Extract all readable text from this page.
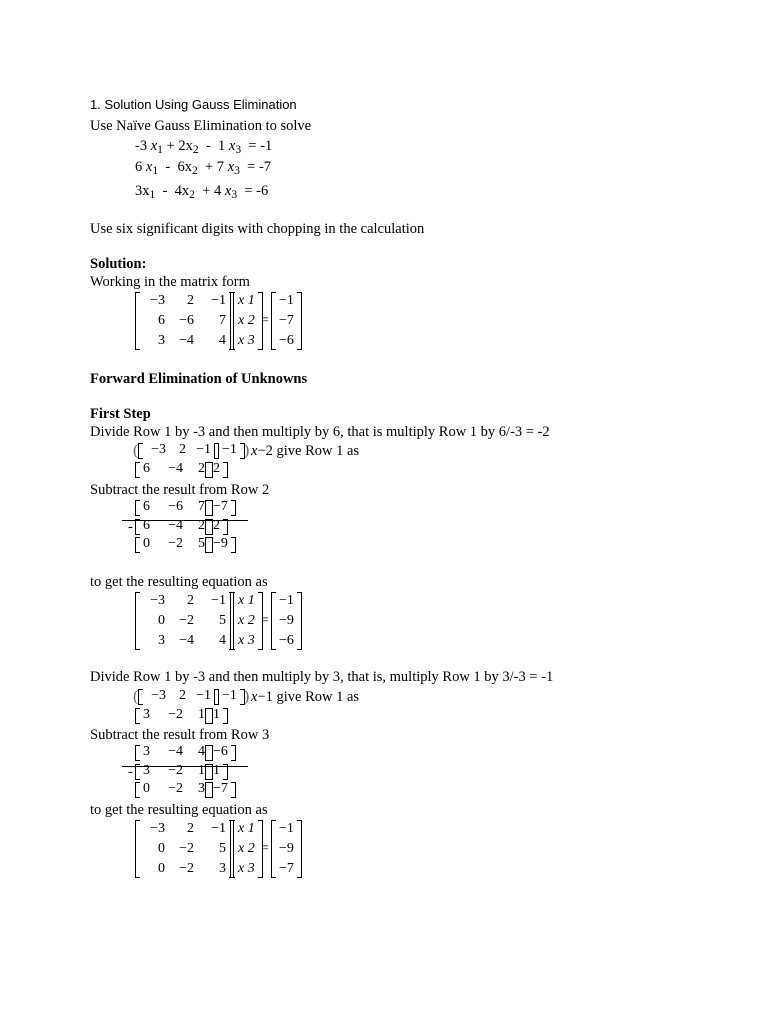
1. Solution Using Gauss Elimination
Use Naïve Gauss Elimination to solve
-3 $x_1 + 2x_2 - 1$ $x_3 = -1$
6 $x_1 - 6x_2 + 7$ $x_3 = -7$
$3x_1 - 4x_2 + 4$ $x_3 = -6$
Use six significant digits with chopping in the calculation
Solution:
Working in the matrix form
−3	2	−1
6	−6	7
3	−4	4
x 1
x 2
x 3
=
−1
−7
−6
Forward Elimination of Unknowns
First Step
Divide Row 1 by -3 and then multiply by 6, that is multiply Row 1 by 6/-3 = -2
( −3 2 −1 −1 ) x−2 give Row 1 as
6	−4	2 2
Subtract the result from Row 2
6	−6	7 −7
- 6	−4	2 2
0	−2	5 −9
to get the resulting equation as
−3	2	−1
0	−2	5
3	−4	4
x 1
x 2
x 3
=
−1
−9
−6
Divide Row 1 by -3 and then multiply by 3, that is, multiply Row 1 by 3/-3 = -1
( −3 2 −1 −1 ) x−1 give Row 1 as
3	−2	1 1
Subtract the result from Row 3
3	−4	4 −6
- 3	−2	1 1
0	−2	3 −7
to get the resulting equation as
−3	2	−1
0	−2	5
0	−2	3
x 1
x 2
x 3
=
−1
−9
−7
